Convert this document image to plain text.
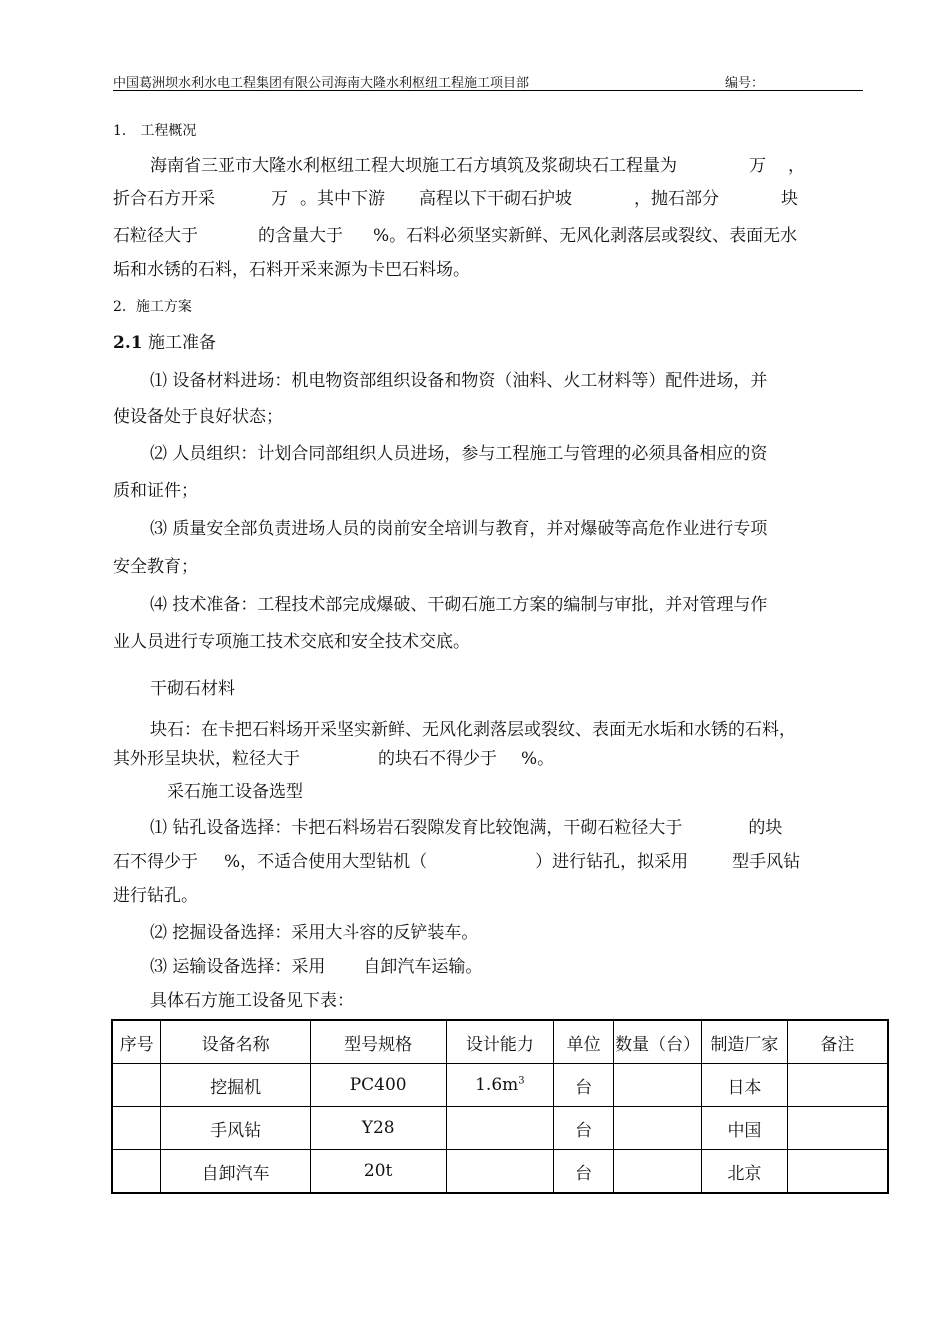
中国葛洲坝水利水电工程集团有限公司海南大隆水利枢纽工程施工项目部	编号：
1． 工程概况
海南省三亚市大隆水利枢纽工程大坝施工石方填筑及浆砌块石工程量为	万 ，
折合石方开采	万 。其中下游 高程以下干砌石护坡	，抛石部分	块
石粒径大于	的含量大于 %。石料必须坚实新鲜、无风化剥落层或裂纹、表面无水
垢和水锈的石料，石料开采来源为卡巴石料场。
2．施工方案
2.1 施工准备
⑴ 设备材料进场：机电物资部组织设备和物资（油料、火工材料等）配件进场，并
使设备处于良好状态；
⑵ 人员组织：计划合同部组织人员进场，参与工程施工与管理的必须具备相应的资
质和证件；
⑶ 质量安全部负责进场人员的岗前安全培训与教育，并对爆破等高危作业进行专项
安全教育；
⑷ 技术准备：工程技术部完成爆破、干砌石施工方案的编制与审批，并对管理与作
业人员进行专项施工技术交底和安全技术交底。
干砌石材料
块石：在卡把石料场开采坚实新鲜、无风化剥落层或裂纹、表面无水垢和水锈的石料，
其外形呈块状，粒径大于	的块石不得少于 %。
采石施工设备选型
⑴ 钻孔设备选择：卡把石料场岩石裂隙发育比较饱满，干砌石粒径大于	的块
石不得少于 %，不适合使用大型钻机（	）进行钻孔，拟采用	型手风钻
进行钻孔。
⑵ 挖掘设备选择：采用大斗容的反铲装车。
⑶ 运输设备选择：采用 自卸汽车运输。
具体石方施工设备见下表：
序号	设备名称	型号规格	设计能力	单位	数量（台）	制造厂家	备注
	挖掘机	PC400	$1.6m^3$	台		日本	
	手风钻	Y28		台		中国	
	自卸汽车	20t		台		北京	
